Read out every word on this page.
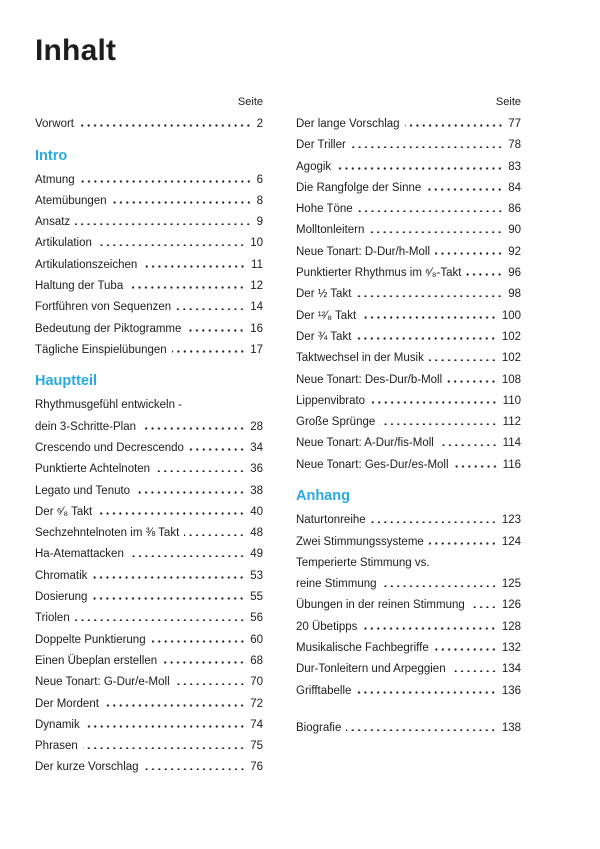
Inhalt
Seite
Vorwort	2
Intro
Atmung	6
Atemübungen	8
Ansatz	9
Artikulation	10
Artikulationszeichen	11
Haltung der Tuba	12
Fortführen von Sequenzen	14
Bedeutung der Piktogramme	16
Tägliche Einspielübungen	17
Hauptteil
Rhythmusgefühl entwickeln -
dein 3-Schritte-Plan	28
Crescendo und Decrescendo	34
Punktierte Achtelnoten	36
Legato und Tenuto	38
Der ⁶⁄₈ Takt	40
Sechzehntelnoten im ⅜ Takt	48
Ha-Atemattacken	49
Chromatik	53
Dosierung	55
Triolen	56
Doppelte Punktierung	60
Einen Übeplan erstellen	68
Neue Tonart: G-Dur/e-Moll	70
Der Mordent	72
Dynamik	74
Phrasen	75
Der kurze Vorschlag	76
Seite
Der lange Vorschlag	77
Der Triller	78
Agogik	83
Die Rangfolge der Sinne	84
Hohe Töne	86
Molltonleitern	90
Neue Tonart: D-Dur/h-Moll	92
Punktierter Rhythmus im ⁶⁄₈-Takt	96
Der ½ Takt	98
Der ¹²⁄₈ Takt	100
Der ¾ Takt	102
Taktwechsel in der Musik	102
Neue Tonart: Des-Dur/b-Moll	108
Lippenvibrato	110
Große Sprünge	112
Neue Tonart: A-Dur/fis-Moll	114
Neue Tonart: Ges-Dur/es-Moll	116
Anhang
Naturtonreihe	123
Zwei Stimmungssysteme	124
Temperierte Stimmung vs.
reine Stimmung	125
Übungen in der reinen Stimmung	126
20 Übetipps	128
Musikalische Fachbegriffe	132
Dur-Tonleitern und Arpeggien	134
Grifftabelle	136
Biografie	138
